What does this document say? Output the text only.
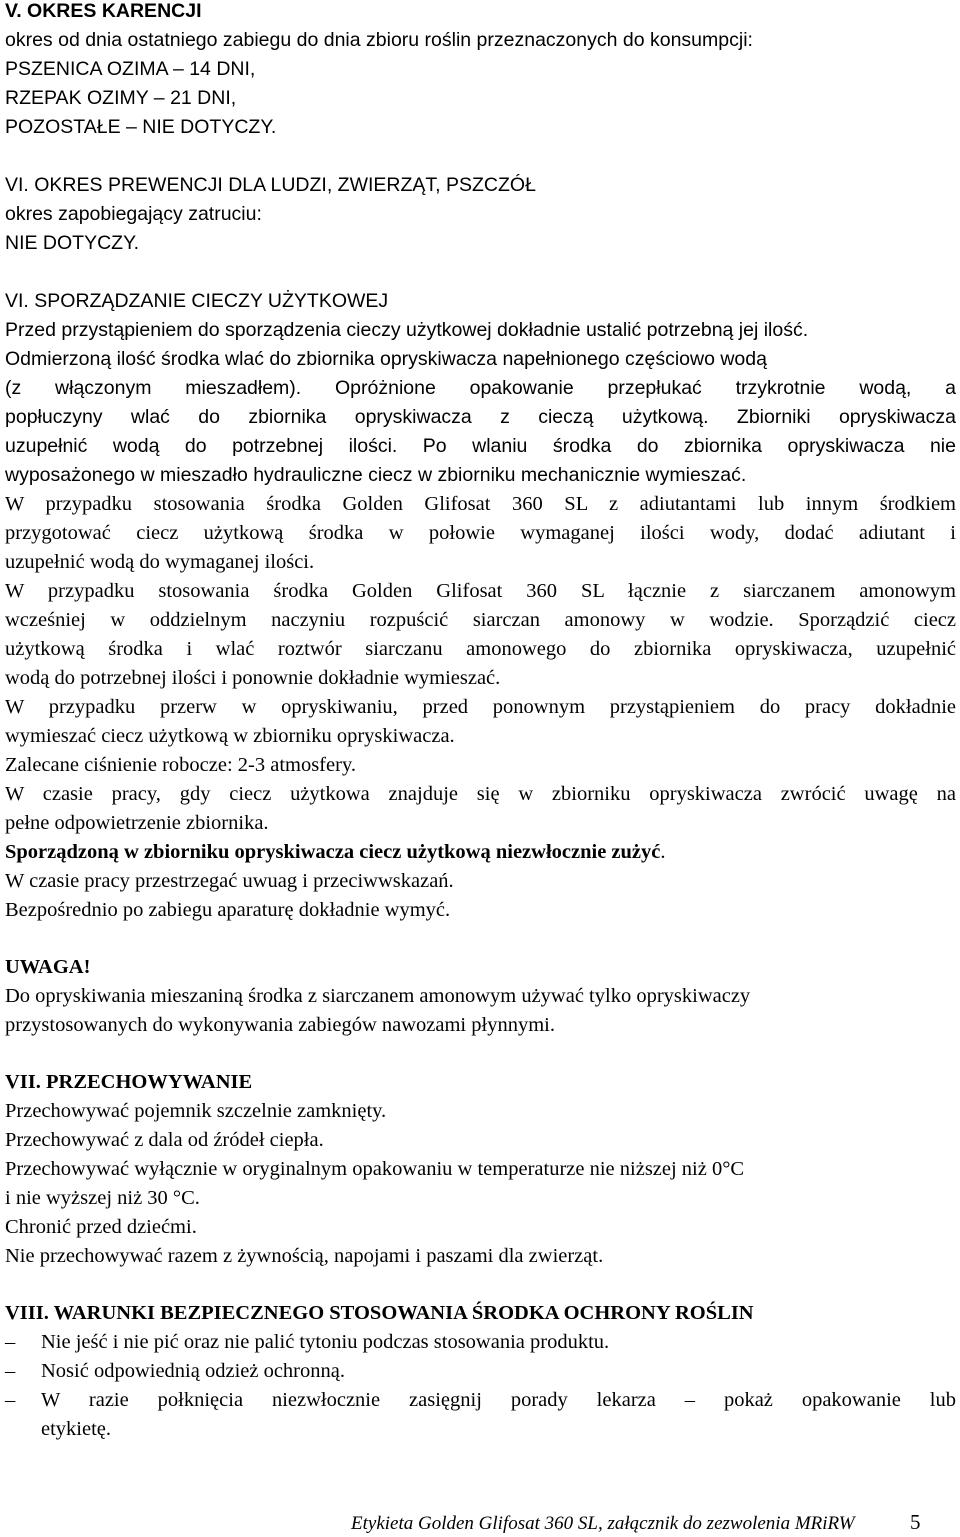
V. OKRES KARENCJI
okres od dnia ostatniego zabiegu do dnia zbioru roślin przeznaczonych do konsumpcji:
PSZENICA OZIMA – 14 DNI,
RZEPAK OZIMY – 21 DNI,
POZOSTAŁE – NIE DOTYCZY.
VI. OKRES PREWENCJI DLA LUDZI, ZWIERZĄT, PSZCZÓŁ
okres zapobiegający zatruciu:
NIE DOTYCZY.
VI. SPORZĄDZANIE CIECZY UŻYTKOWEJ
Przed przystąpieniem do sporządzenia cieczy użytkowej dokładnie ustalić potrzebną jej ilość.
Odmierzoną ilość środka wlać do zbiornika opryskiwacza napełnionego częściowo wodą
(z włączonym mieszadłem). Opróżnione opakowanie przepłukać trzykrotnie wodą, a
popłuczyny wlać do zbiornika opryskiwacza z cieczą użytkową. Zbiorniki opryskiwacza
uzupełnić wodą do potrzebnej ilości. Po wlaniu środka do zbiornika opryskiwacza nie
wyposażonego w mieszadło hydrauliczne ciecz w zbiorniku mechanicznie wymieszać.
W przypadku stosowania środka Golden Glifosat 360 SL z adiutantami lub innym środkiem
przygotować ciecz użytkową środka w połowie wymaganej ilości wody, dodać adiutant i
uzupełnić wodą do wymaganej ilości.
W przypadku stosowania środka Golden Glifosat 360 SL łącznie z siarczanem amonowym
wcześniej w oddzielnym naczyniu rozpuścić siarczan amonowy w wodzie. Sporządzić ciecz
użytkową środka i wlać roztwór siarczanu amonowego do zbiornika opryskiwacza, uzupełnić
wodą do potrzebnej ilości i ponownie dokładnie wymieszać.
W przypadku przerw w opryskiwaniu, przed ponownym przystąpieniem do pracy dokładnie
wymieszać ciecz użytkową w zbiorniku opryskiwacza.
Zalecane ciśnienie robocze: 2-3 atmosfery.
W czasie pracy, gdy ciecz użytkowa znajduje się w zbiorniku opryskiwacza zwrócić uwagę na
pełne odpowietrzenie zbiornika.
Sporządzoną w zbiorniku opryskiwacza ciecz użytkową niezwłocznie zużyć.
W czasie pracy przestrzegać uwuag i przeciwwskazań.
Bezpośrednio po zabiegu aparaturę dokładnie wymyć.
UWAGA!
Do opryskiwania mieszaniną środka z siarczanem amonowym używać tylko opryskiwaczy
przystosowanych do wykonywania zabiegów nawozami płynnymi.
VII. PRZECHOWYWANIE
Przechowywać pojemnik szczelnie zamknięty.
Przechowywać z dala od źródeł ciepła.
Przechowywać wyłącznie w oryginalnym opakowaniu w temperaturze nie niższej niż 0°C
i nie wyższej niż 30 °C.
Chronić przed dziećmi.
Nie przechowywać razem z żywnością, napojami i paszami dla zwierząt.
VIII. WARUNKI BEZPIECZNEGO STOSOWANIA ŚRODKA OCHRONY ROŚLIN
– Nie jeść i nie pić oraz nie palić tytoniu podczas stosowania produktu.
– Nosić odpowiednią odzież ochronną.
– W razie połknięcia niezwłocznie zasięgnij porady lekarza – pokaż opakowanie lub
etykietę.
Etykieta Golden Glifosat 360 SL, załącznik do zezwolenia MRiRW	5
